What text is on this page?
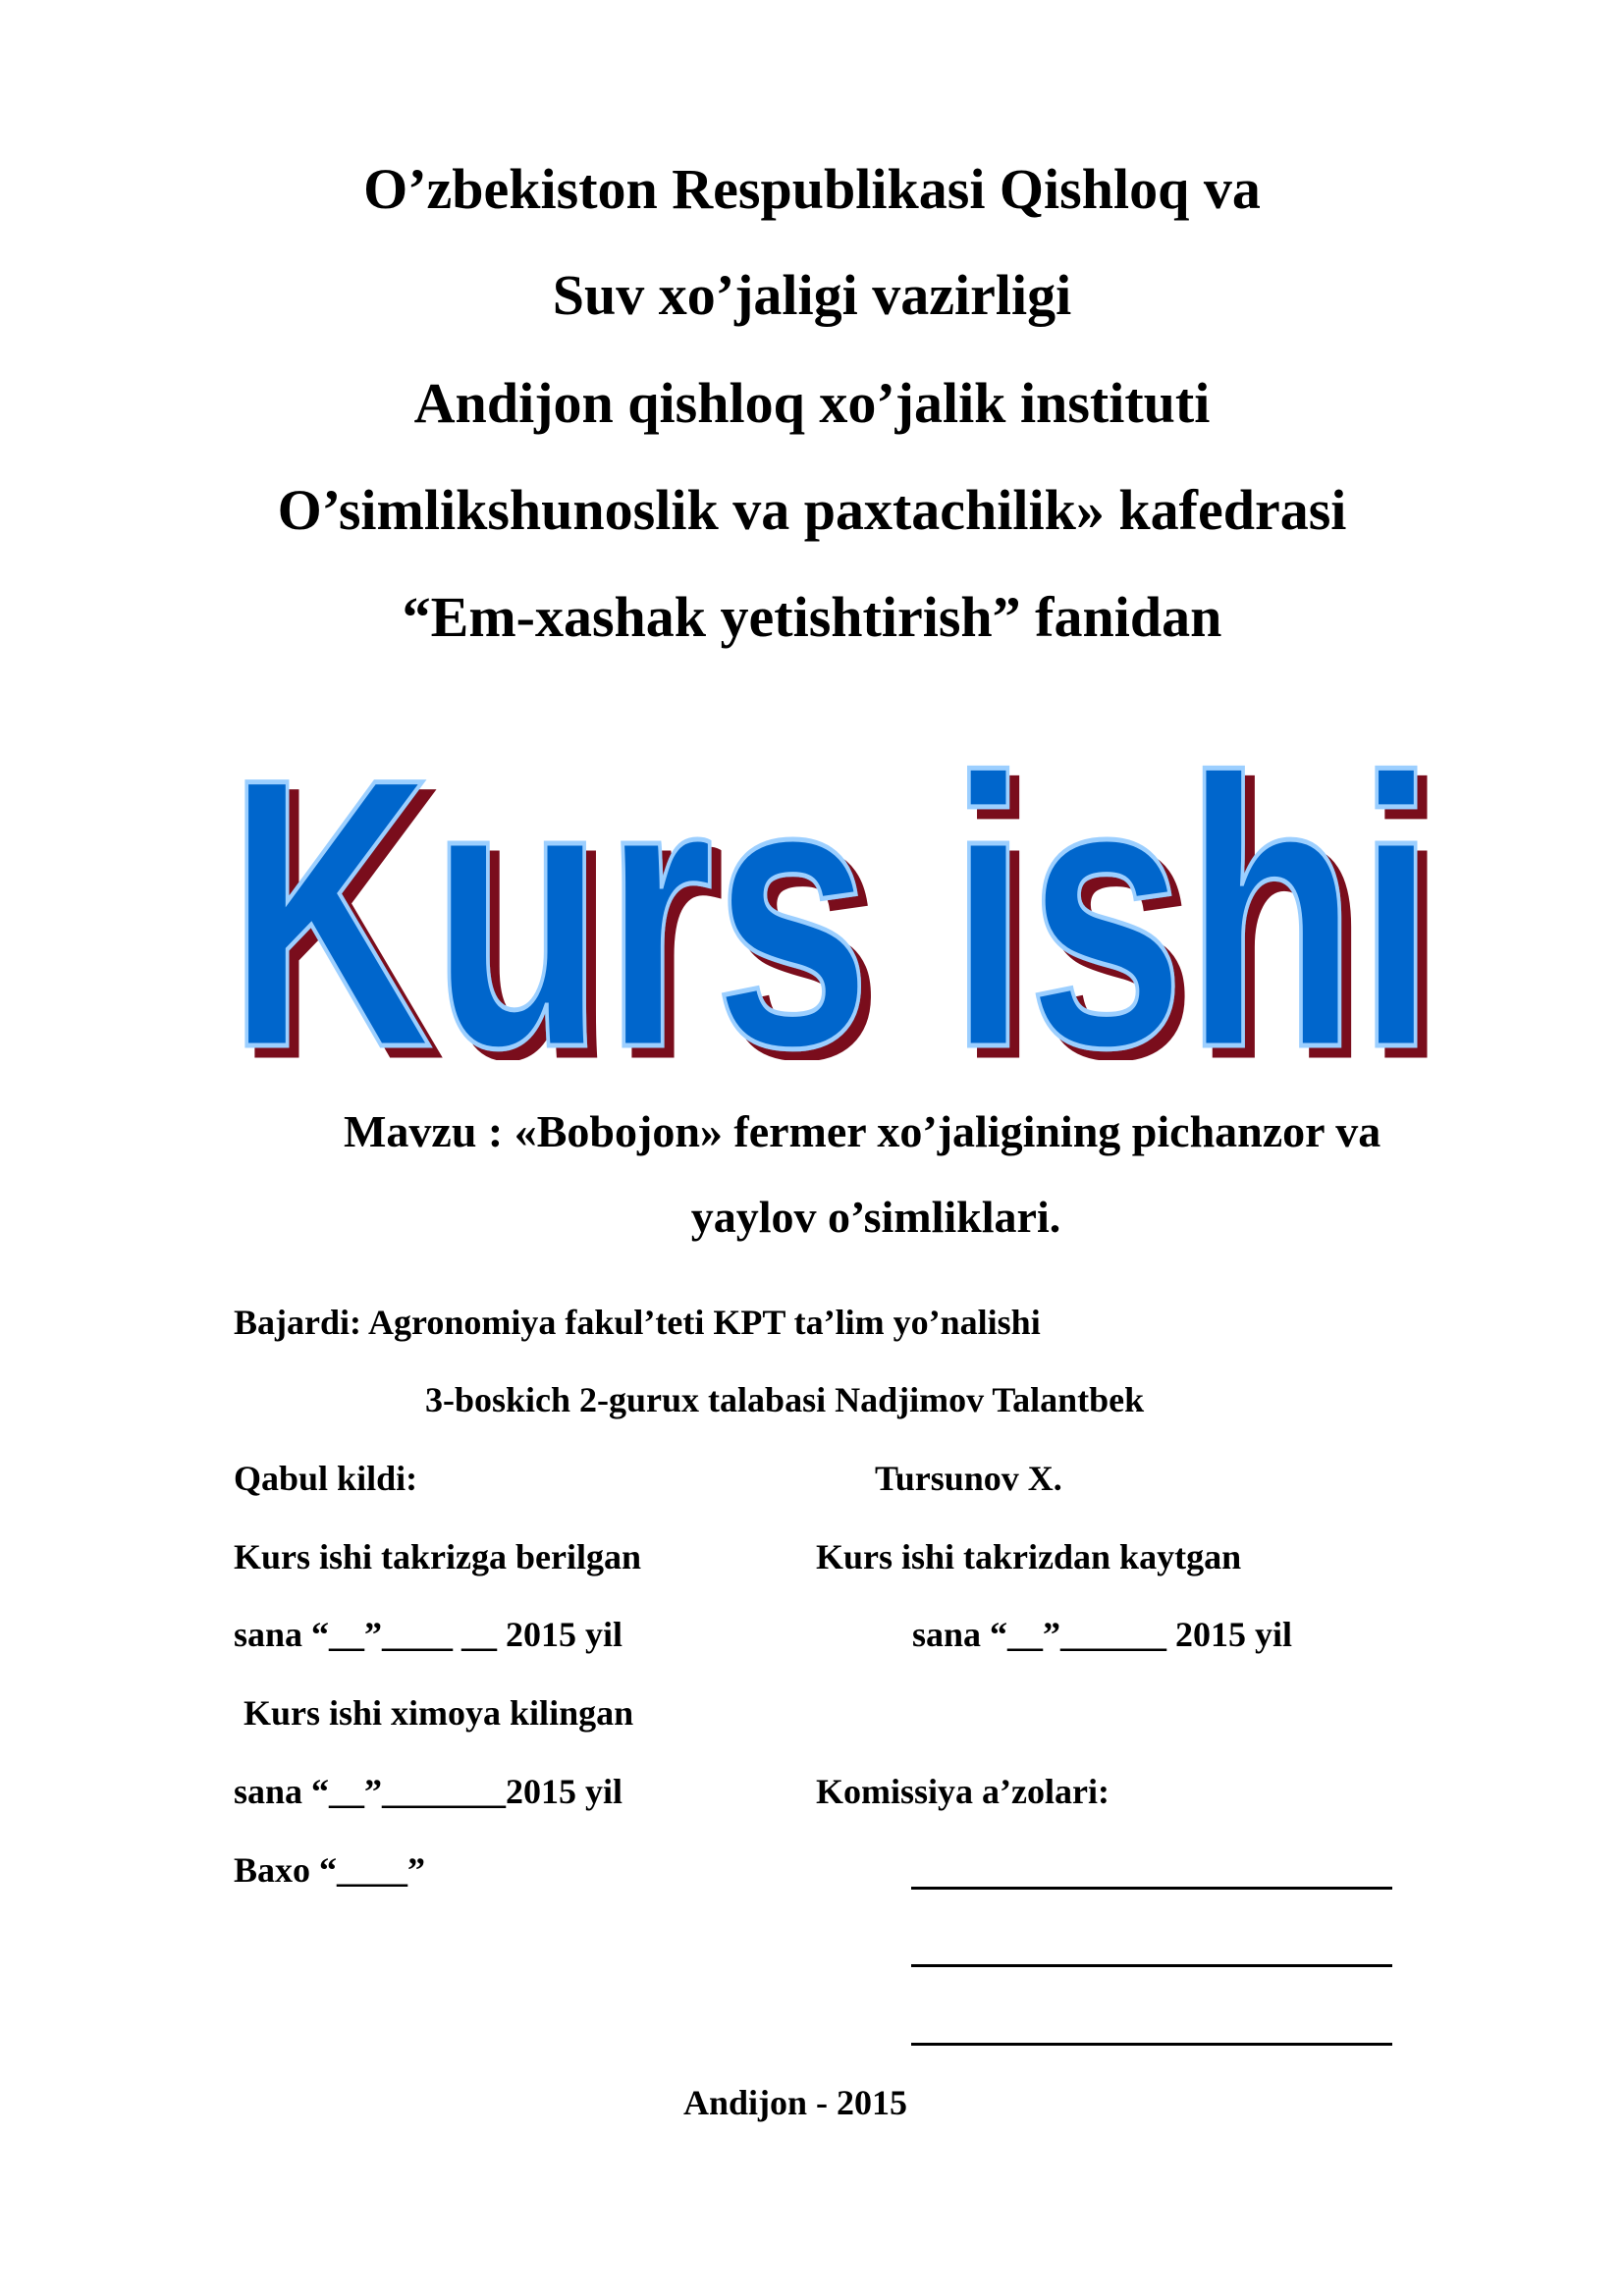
O’zbekiston Respublikasi Qishloq va
Suv xo’jaligi vazirligi
Andijon qishloq xo’jalik instituti
O’simlikshunoslik va paxtachilik» kafedrasi
“Em-xashak yetishtirish” fanidan
Kurs ishi
Mavzu : «Bobojon» fermer xo’jaligining pichanzor va
yaylov o’simliklari.
Bajardi: Agronomiya fakul’teti KPT ta’lim yo’nalishi
3-boskich 2-gurux talabasi Nadjimov Talantbek
Qabul kildi:	Tursunov X.
Kurs ishi takrizga berilgan	Kurs ishi takrizdan kaytgan
sana “__”____ __ 2015 yil	sana “__”______ 2015 yil
Kurs ishi ximoya kilingan
sana “__”_______2015 yil	Komissiya a’zolari:
Baxo “____”
Andijon - 2015
